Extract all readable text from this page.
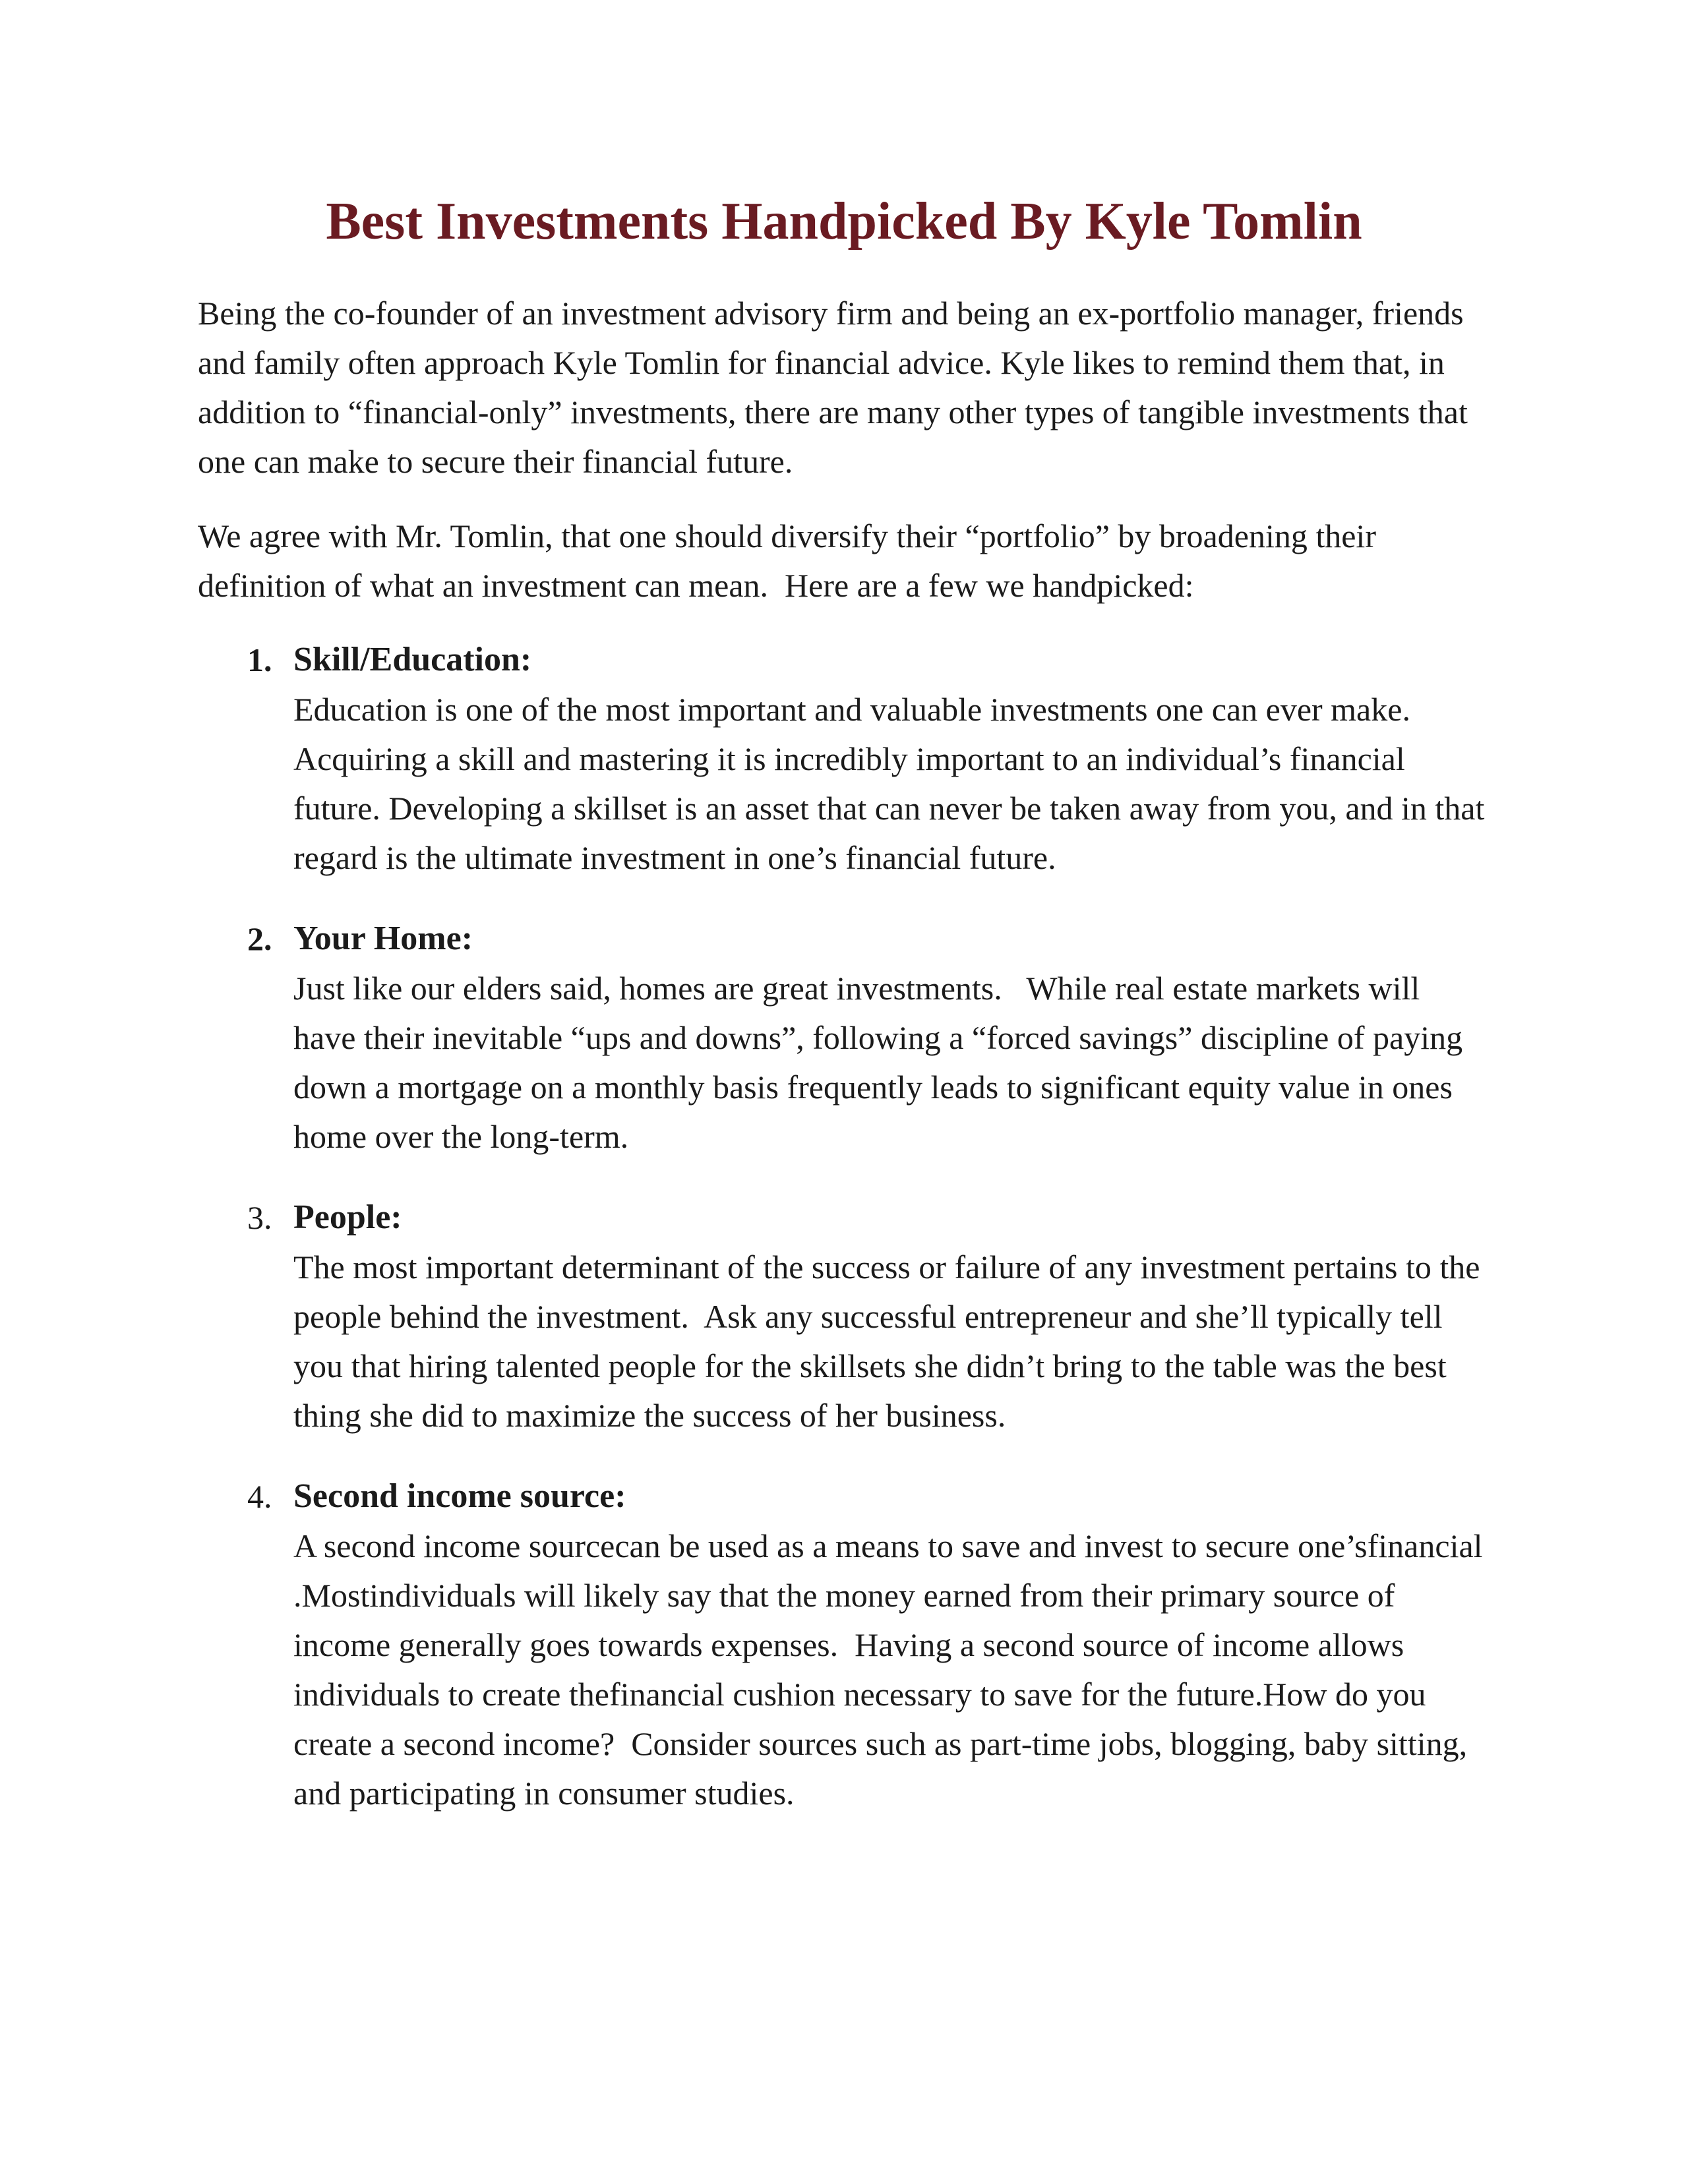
Best Investments Handpicked By Kyle Tomlin

Being the co-founder of an investment advisory firm and being an ex-portfolio manager, friends and family often approach Kyle Tomlin for financial advice. Kyle likes to remind them that, in addition to “financial-only” investments, there are many other types of tangible investments that one can make to secure their financial future.

We agree with Mr. Tomlin, that one should diversify their “portfolio” by broadening their definition of what an investment can mean.  Here are a few we handpicked:

1. Skill/Education:
Education is one of the most important and valuable investments one can ever make.  Acquiring a skill and mastering it is incredibly important to an individual’s financial future. Developing a skillset is an asset that can never be taken away from you, and in that regard is the ultimate investment in one’s financial future.
2. Your Home:
Just like our elders said, homes are great investments.   While real estate markets will have their inevitable “ups and downs”, following a “forced savings” discipline of paying down a mortgage on a monthly basis frequently leads to significant equity value in ones home over the long-term.
3. People:
The most important determinant of the success or failure of any investment pertains to the people behind the investment.  Ask any successful entrepreneur and she’ll typically tell you that hiring talented people for the skillsets she didn’t bring to the table was the best thing she did to maximize the success of her business.
4. Second income source:
A second income sourcecan be used as a means to save and invest to secure one’sfinancial .Mostindividuals will likely say that the money earned from their primary source of income generally goes towards expenses.  Having a second source of income allows individuals to create thefinancial cushion necessary to save for the future.How do you create a second income?  Consider sources such as part-time jobs, blogging, baby sitting, and participating in consumer studies.
